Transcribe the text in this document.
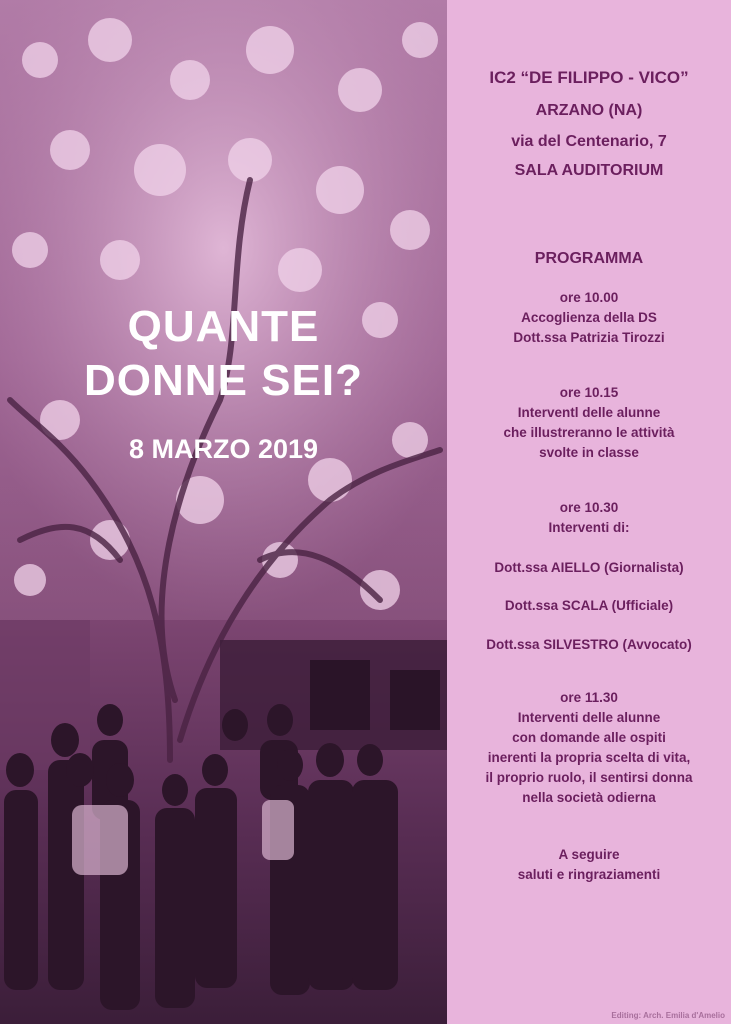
QUANTE
DONNE SEI?
8 MARZO 2019
IC2 “DE FILIPPO - VICO”
ARZANO (NA)
via del Centenario, 7
SALA AUDITORIUM
PROGRAMMA
ore 10.00
Accoglienza della DS
Dott.ssa Patrizia Tirozzi
ore 10.15
Interventl delle alunne
che illustreranno le attività
svolte in classe
ore 10.30
Interventi di:
Dott.ssa AIELLO (Giornalista)
Dott.ssa SCALA (Ufficiale)
Dott.ssa SILVESTRO (Avvocato)
ore 11.30
Interventi delle alunne
con domande alle ospiti
inerenti la propria scelta di vita,
il proprio ruolo, il sentirsi donna
nella società odierna
A seguire
saluti e ringraziamenti
Editing: Arch. Emilia d'Amelio
